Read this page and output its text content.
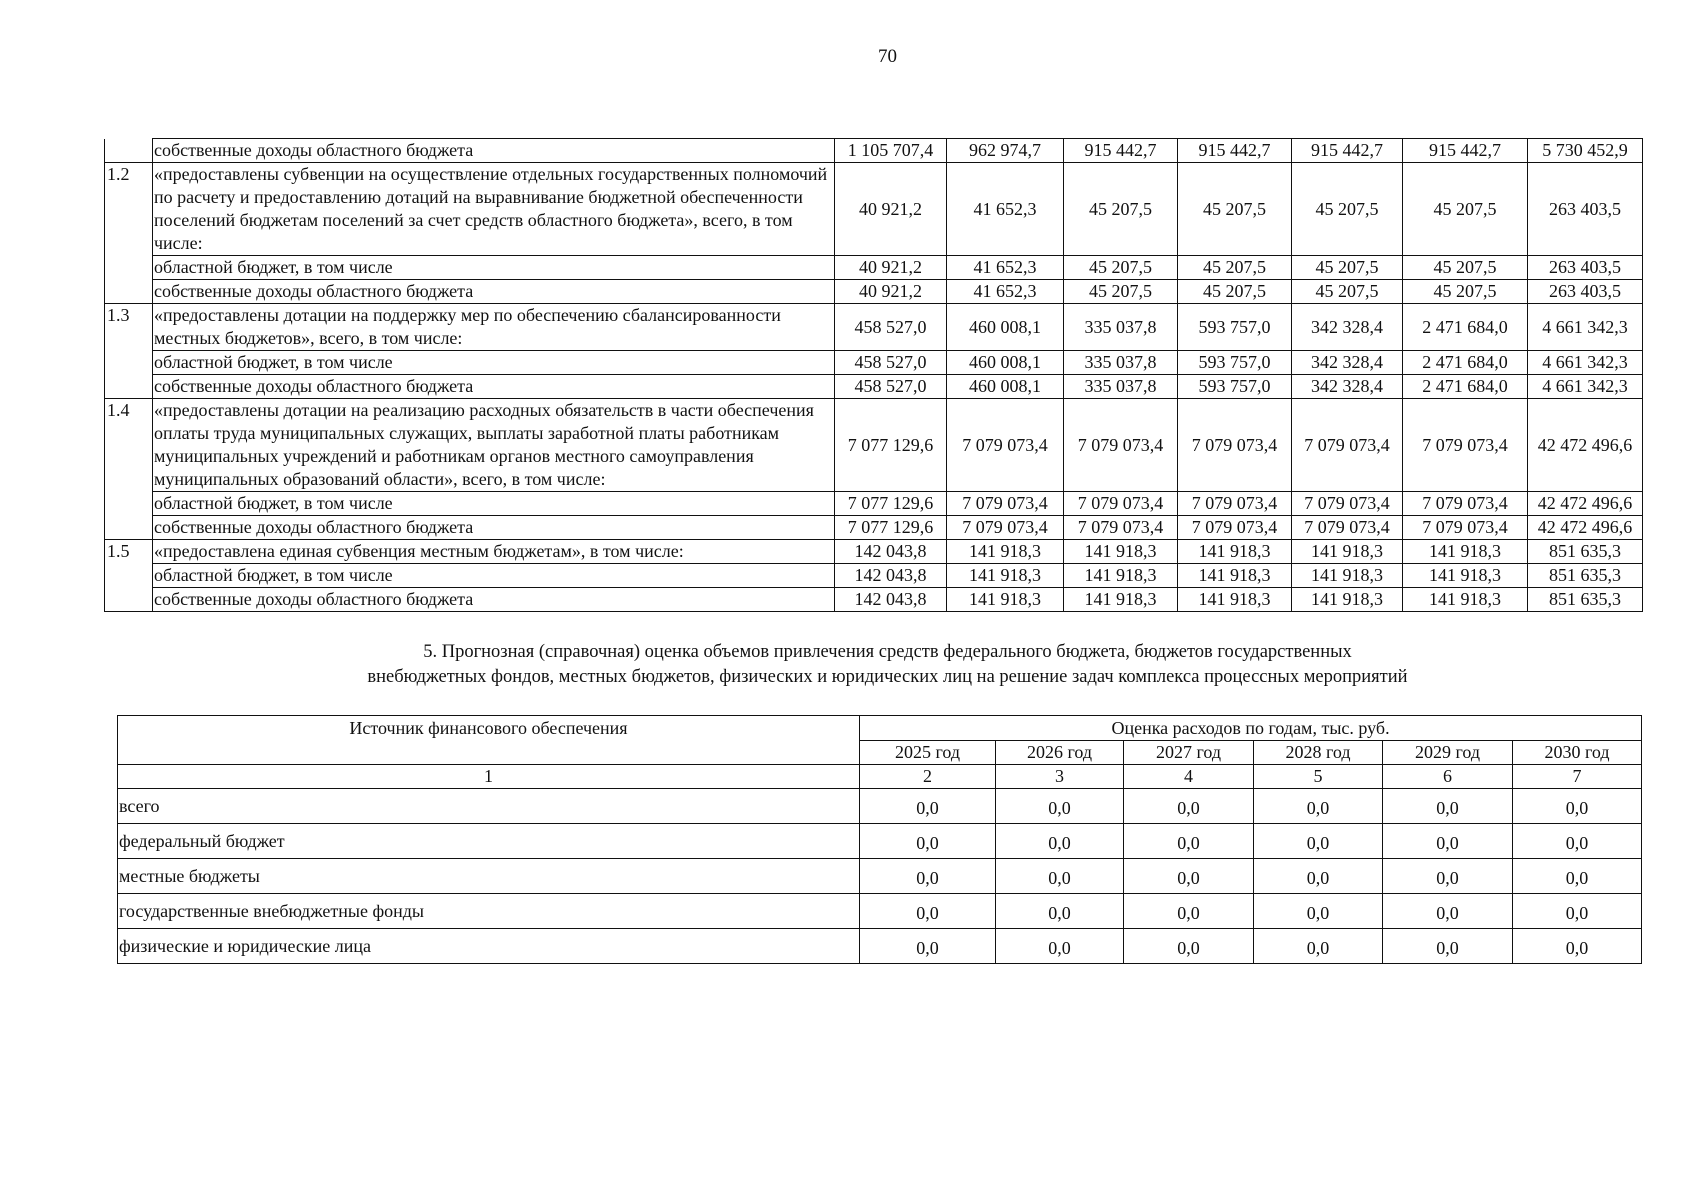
70
	собственные доходы областного бюджета	1 105 707,4	962 974,7	915 442,7	915 442,7	915 442,7	915 442,7	5 730 452,9
1.2	«предоставлены субвенции на осуществление отдельных государственных полномочий по расчету и предоставлению дотаций на выравнивание бюджетной обеспеченности поселений бюджетам поселений за счет средств областного бюджета», всего, в том числе:	40 921,2	41 652,3	45 207,5	45 207,5	45 207,5	45 207,5	263 403,5
	областной бюджет, в том числе	40 921,2	41 652,3	45 207,5	45 207,5	45 207,5	45 207,5	263 403,5
	собственные доходы областного бюджета	40 921,2	41 652,3	45 207,5	45 207,5	45 207,5	45 207,5	263 403,5
1.3	«предоставлены дотации на поддержку мер по обеспечению сбалансированности местных бюджетов», всего, в том числе:	458 527,0	460 008,1	335 037,8	593 757,0	342 328,4	2 471 684,0	4 661 342,3
	областной бюджет, в том числе	458 527,0	460 008,1	335 037,8	593 757,0	342 328,4	2 471 684,0	4 661 342,3
	собственные доходы областного бюджета	458 527,0	460 008,1	335 037,8	593 757,0	342 328,4	2 471 684,0	4 661 342,3
1.4	«предоставлены дотации на реализацию расходных обязательств в части обеспечения оплаты труда муниципальных служащих, выплаты заработной платы работникам муниципальных учреждений и работникам органов местного самоуправления муниципальных образований области», всего, в том числе:	7 077 129,6	7 079 073,4	7 079 073,4	7 079 073,4	7 079 073,4	7 079 073,4	42 472 496,6
	областной бюджет, в том числе	7 077 129,6	7 079 073,4	7 079 073,4	7 079 073,4	7 079 073,4	7 079 073,4	42 472 496,6
	собственные доходы областного бюджета	7 077 129,6	7 079 073,4	7 079 073,4	7 079 073,4	7 079 073,4	7 079 073,4	42 472 496,6
1.5	«предоставлена единая субвенция местным бюджетам», в том числе:	142 043,8	141 918,3	141 918,3	141 918,3	141 918,3	141 918,3	851 635,3
	областной бюджет, в том числе	142 043,8	141 918,3	141 918,3	141 918,3	141 918,3	141 918,3	851 635,3
	собственные доходы областного бюджета	142 043,8	141 918,3	141 918,3	141 918,3	141 918,3	141 918,3	851 635,3
5. Прогнозная (справочная) оценка объемов привлечения средств федерального бюджета, бюджетов государственных
внебюджетных фондов, местных бюджетов, физических и юридических лиц на решение задач комплекса процессных мероприятий
Источник финансового обеспечения	Оценка расходов по годам, тыс. руб.					
	2025 год	2026 год	2027 год	2028 год	2029 год	2030 год
1	2	3	4	5	6	7
всего	0,0	0,0	0,0	0,0	0,0	0,0
федеральный бюджет	0,0	0,0	0,0	0,0	0,0	0,0
местные бюджеты	0,0	0,0	0,0	0,0	0,0	0,0
государственные внебюджетные фонды	0,0	0,0	0,0	0,0	0,0	0,0
физические и юридические лица	0,0	0,0	0,0	0,0	0,0	0,0
